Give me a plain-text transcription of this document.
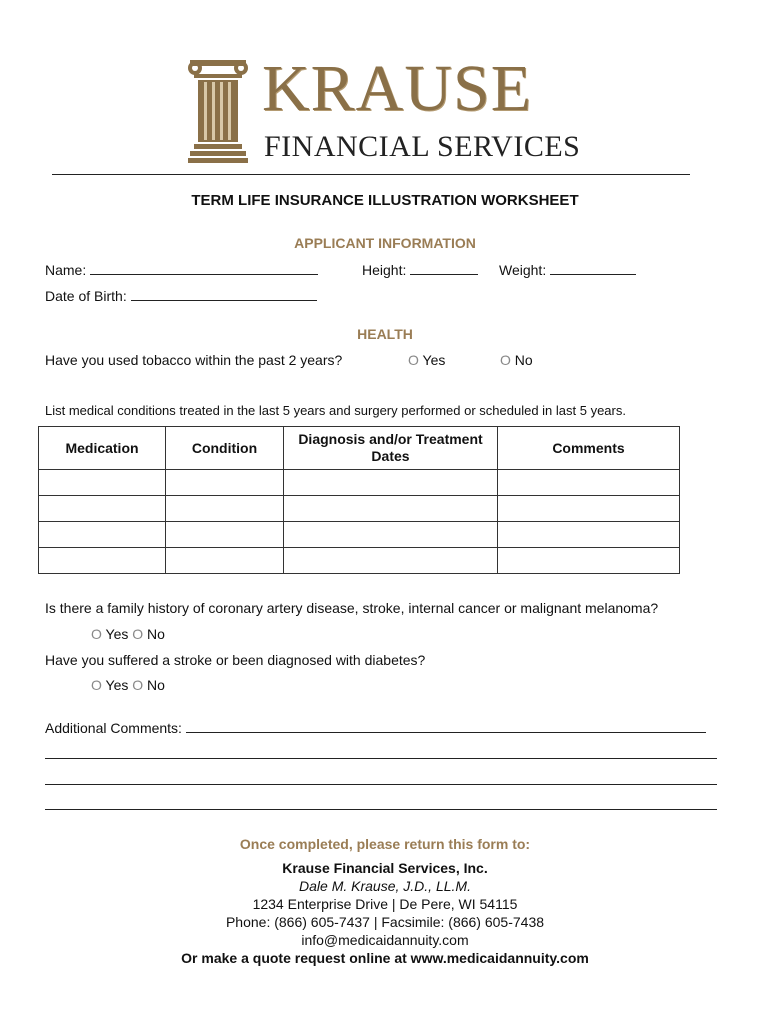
KRAUSE
FINANCIAL SERVICES
TERM LIFE INSURANCE ILLUSTRATION WORKSHEET
APPLICANT INFORMATION
Name:	Height:	Weight:
Date of Birth:
HEALTH
Have you used tobacco within the past 2 years?	O Yes	O No
List medical conditions treated in the last 5 years and surgery performed or scheduled in last 5 years.
Medication	Condition	Diagnosis and/or Treatment Dates	Comments

Is there a family history of coronary artery disease, stroke, internal cancer or malignant melanoma?
O Yes O No
Have you suffered a stroke or been diagnosed with diabetes?
O Yes O No
Additional Comments:
Once completed, please return this form to:
Krause Financial Services, Inc.
Dale M. Krause, J.D., LL.M.
1234 Enterprise Drive | De Pere, WI 54115
Phone: (866) 605-7437 | Facsimile: (866) 605-7438
info@medicaidannuity.com
Or make a quote request online at www.medicaidannuity.com
